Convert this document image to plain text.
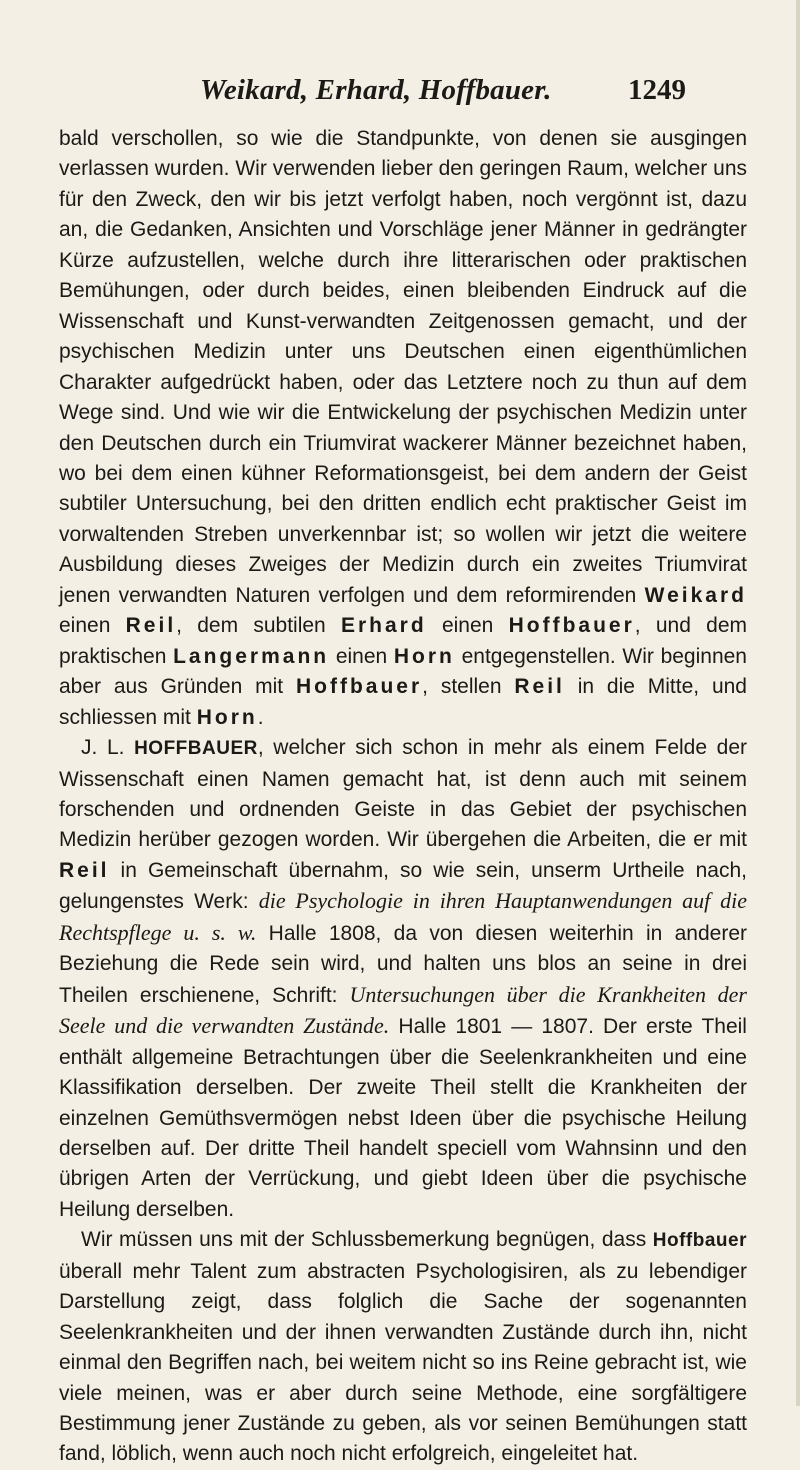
Weikard, Erhard, Hoffbauer.	1249

bald verschollen, so wie die Standpunkte, von denen sie ausgingen verlassen wurden. Wir verwenden lieber den geringen Raum, welcher uns für den Zweck, den wir bis jetzt verfolgt haben, noch vergönnt ist, dazu an, die Gedanken, Ansichten und Vorschläge jener Männer in gedrängter Kürze aufzustellen, welche durch ihre litterarischen oder praktischen Bemühungen, oder durch beides, einen bleibenden Eindruck auf die Wissenschaft und Kunst-verwandten Zeitgenossen gemacht, und der psychischen Medizin unter uns Deutschen einen eigenthümlichen Charakter aufgedrückt haben, oder das Letztere noch zu thun auf dem Wege sind. Und wie wir die Entwickelung der psychischen Medizin unter den Deutschen durch ein Triumvirat wackerer Männer bezeichnet haben, wo bei dem einen kühner Reformationsgeist, bei dem andern der Geist subtiler Untersuchung, bei den dritten endlich echt praktischer Geist im vorwaltenden Streben unverkennbar ist; so wollen wir jetzt die weitere Ausbildung dieses Zweiges der Medizin durch ein zweites Triumvirat jenen verwandten Naturen verfolgen und dem reformirenden Weikard einen Reil, dem subtilen Erhard einen Hoffbauer, und dem praktischen Langermann einen Horn entgegenstellen. Wir beginnen aber aus Gründen mit Hoffbauer, stellen Reil in die Mitte, und schliessen mit Horn.

J. L. HOFFBAUER, welcher sich schon in mehr als einem Felde der Wissenschaft einen Namen gemacht hat, ist denn auch mit seinem forschenden und ordnenden Geiste in das Gebiet der psychischen Medizin herüber gezogen worden. Wir übergehen die Arbeiten, die er mit Reil in Gemeinschaft übernahm, so wie sein, unserm Urtheile nach, gelungenstes Werk: die Psychologie in ihren Hauptanwendungen auf die Rechtspflege u. s. w. Halle 1808, da von diesen weiterhin in anderer Beziehung die Rede sein wird, und halten uns blos an seine in drei Theilen erschienene, Schrift: Untersuchungen über die Krankheiten der Seele und die verwandten Zustände. Halle 1801 — 1807. Der erste Theil enthält allgemeine Betrachtungen über die Seelenkrankheiten und eine Klassifikation derselben. Der zweite Theil stellt die Krankheiten der einzelnen Gemüthsvermögen nebst Ideen über die psychische Heilung derselben auf. Der dritte Theil handelt speciell vom Wahnsinn und den übrigen Arten der Verrückung, und giebt Ideen über die psychische Heilung derselben.

Wir müssen uns mit der Schlussbemerkung begnügen, dass Hoffbauer überall mehr Talent zum abstracten Psychologisiren, als zu lebendiger Darstellung zeigt, dass folglich die Sache der sogenannten Seelenkrankheiten und der ihnen verwandten Zustände durch ihn, nicht einmal den Begriffen nach, bei weitem nicht so ins Reine gebracht ist, wie viele meinen, was er aber durch seine Methode, eine sorgfältigere Bestimmung jener Zustände zu geben, als vor seinen Bemühungen statt fand, löblich, wenn auch noch nicht erfolgreich, eingeleitet hat.
